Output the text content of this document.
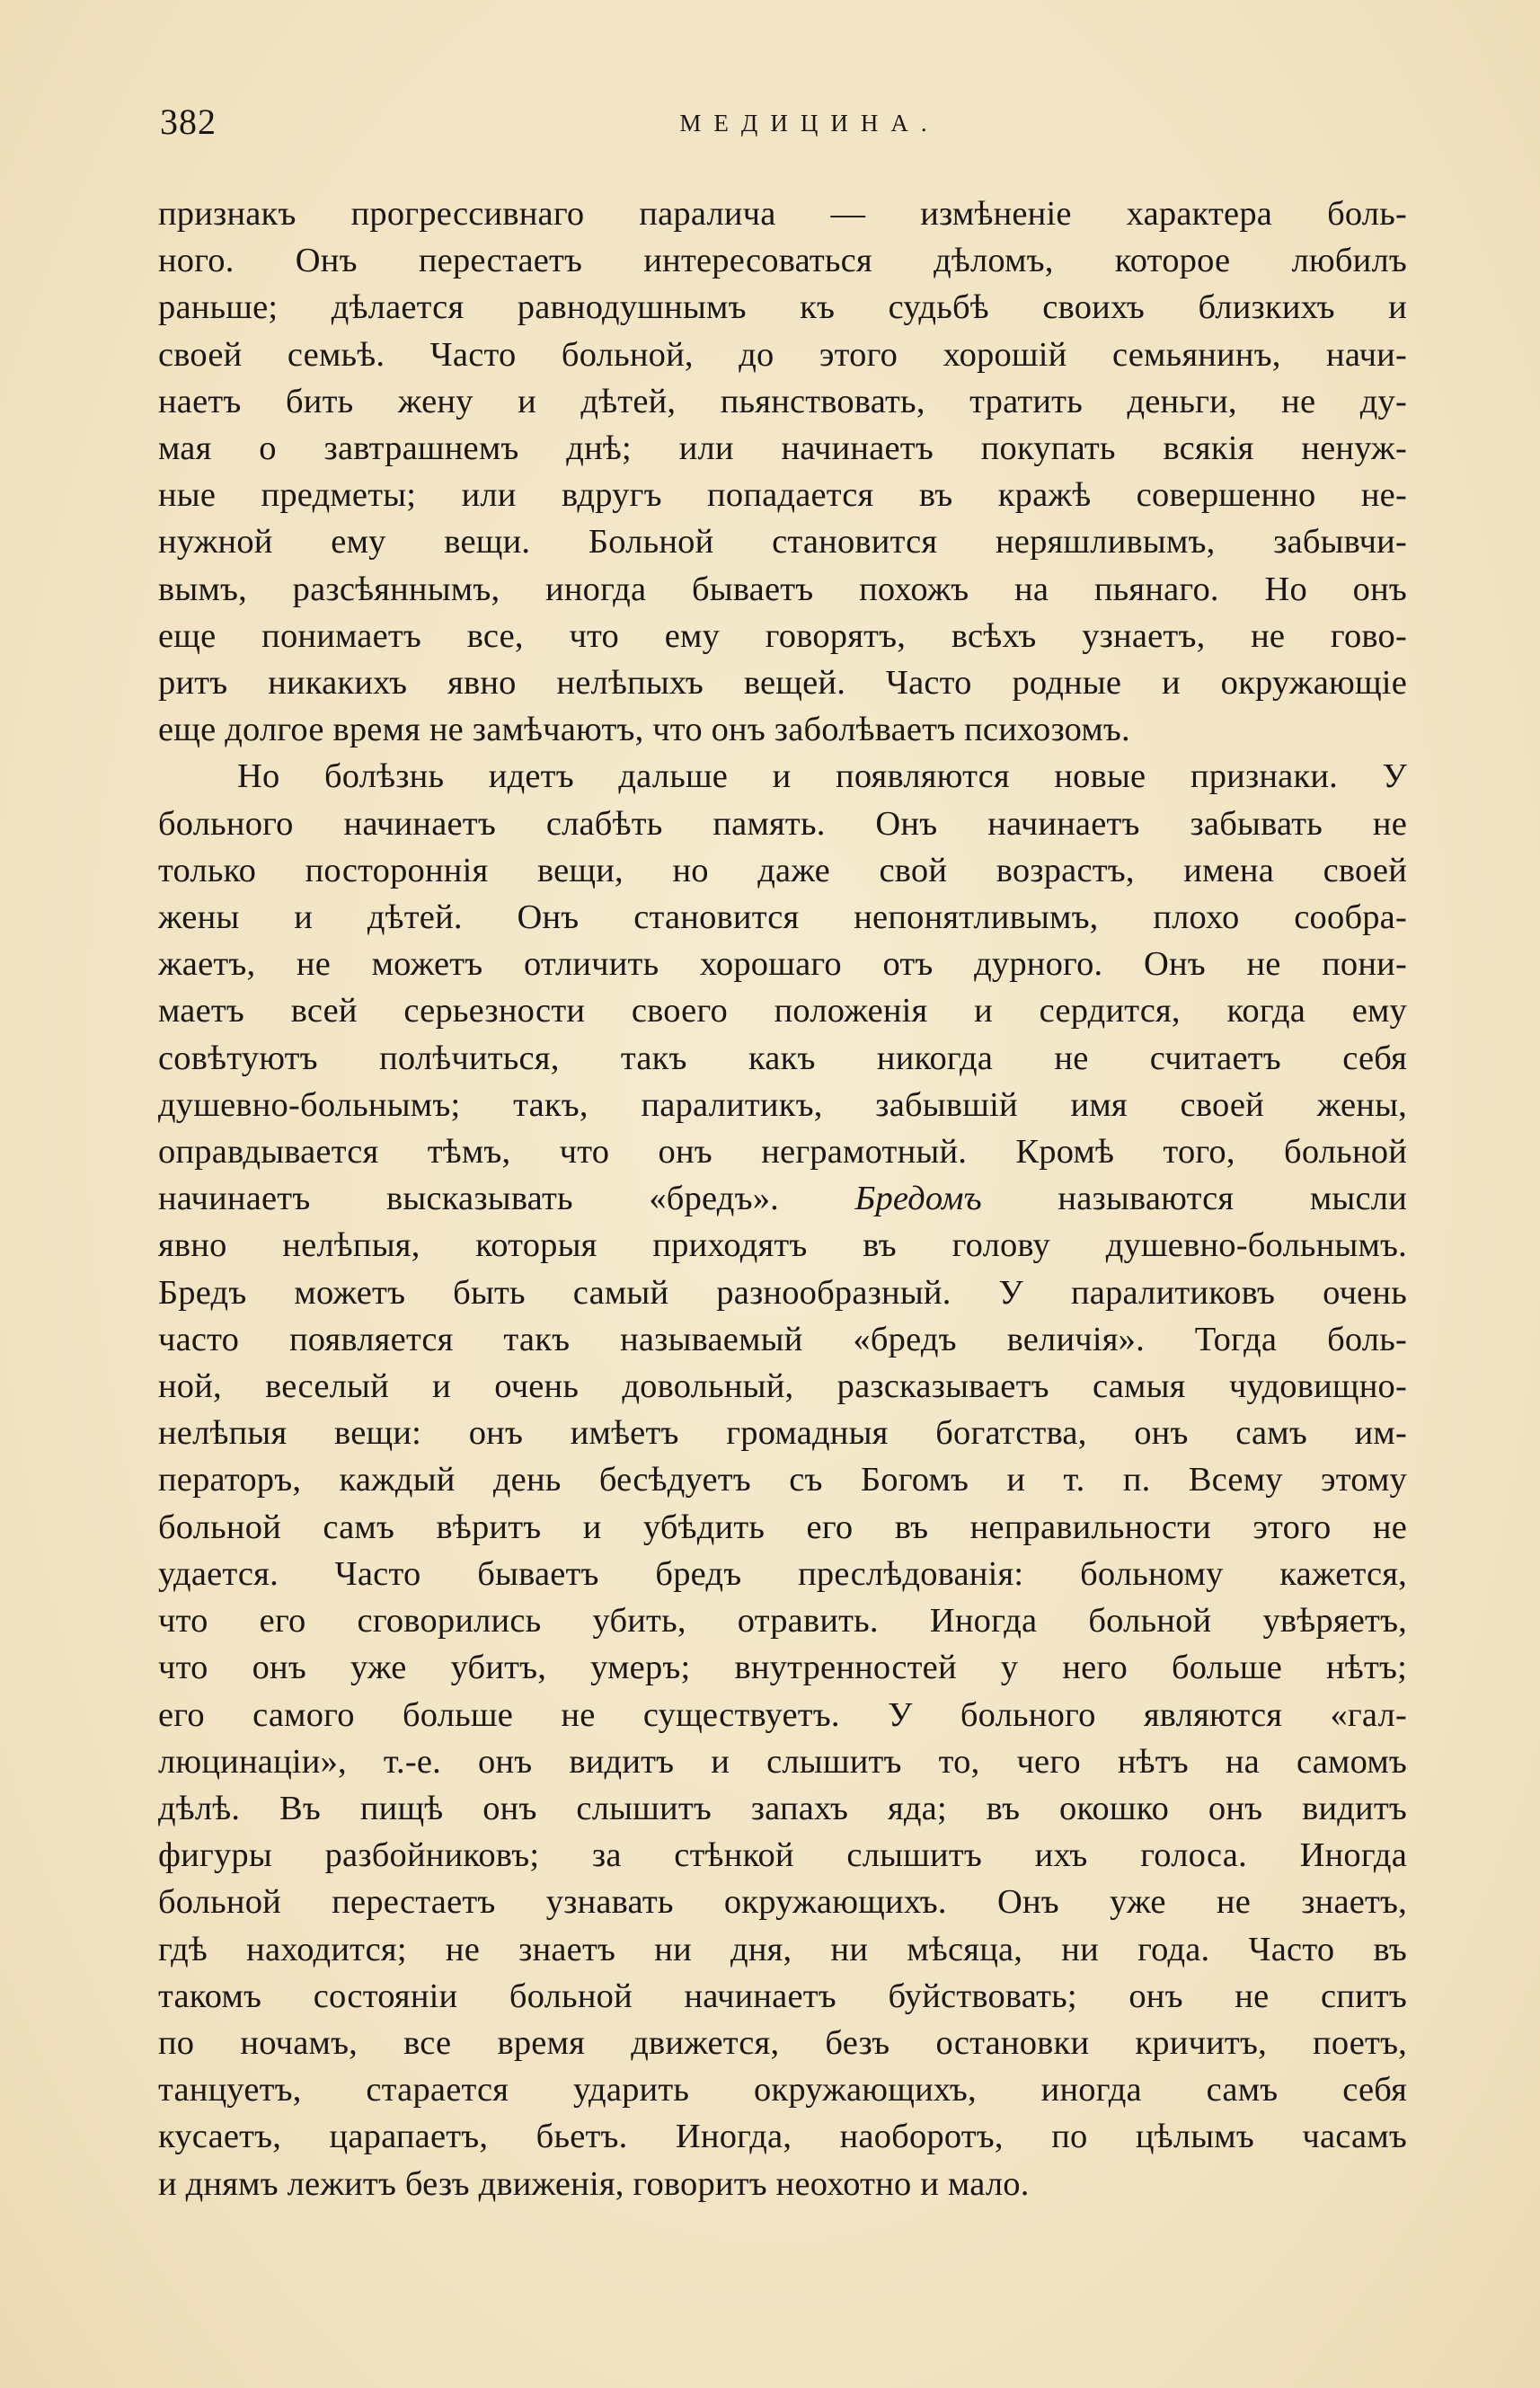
382	МЕДИЦИНА.

признакъ прогрессивнаго паралича — измѣненіе характера боль-
ного. Онъ перестаетъ интересоваться дѣломъ, которое любилъ
раньше; дѣлается равнодушнымъ къ судьбѣ своихъ близкихъ и
своей семьѣ. Часто больной, до этого хорошій семьянинъ, начи-
наетъ бить жену и дѣтей, пьянствовать, тратить деньги, не ду-
мая о завтрашнемъ днѣ; или начинаетъ покупать всякія ненуж-
ные предметы; или вдругъ попадается въ кражѣ совершенно не-
нужной ему вещи. Больной становится неряшливымъ, забывчи-
вымъ, разсѣяннымъ, иногда бываетъ похожъ на пьянаго. Но онъ
еще понимаетъ все, что ему говорятъ, всѣхъ узнаетъ, не гово-
ритъ никакихъ явно нелѣпыхъ вещей. Часто родные и окружающіе
еще долгое время не замѣчаютъ, что онъ заболѣваетъ психозомъ.

Но болѣзнь идетъ дальше и появляются новые признаки. У
больного начинаетъ слабѣть память. Онъ начинаетъ забывать не
только постороннія вещи, но даже свой возрастъ, имена своей
жены и дѣтей. Онъ становится непонятливымъ, плохо сообра-
жаетъ, не можетъ отличить хорошаго отъ дурного. Онъ не пони-
маетъ всей серьезности своего положенія и сердится, когда ему
совѣтуютъ полѣчиться, такъ какъ никогда не считаетъ себя
душевно-больнымъ; такъ, паралитикъ, забывшій имя своей жены,
оправдывается тѣмъ, что онъ неграмотный. Кромѣ того, больной
начинаетъ высказывать «бредъ». Бредомъ называются мысли
явно нелѣпыя, которыя приходятъ въ голову душевно-больнымъ.
Бредъ можетъ быть самый разнообразный. У паралитиковъ очень
часто появляется такъ называемый «бредъ величія». Тогда боль-
ной, веселый и очень довольный, разсказываетъ самыя чудовищно-
нелѣпыя вещи: онъ имѣетъ громадныя богатства, онъ самъ им-
ператоръ, каждый день бесѣдуетъ съ Богомъ и т. п. Всему этому
больной самъ вѣритъ и убѣдить его въ неправильности этого не
удается. Часто бываетъ бредъ преслѣдованія: больному кажется,
что его сговорились убить, отравить. Иногда больной увѣряетъ,
что онъ уже убитъ, умеръ; внутренностей у него больше нѣтъ;
его самого больше не существуетъ. У больного являются «гал-
люцинаціи», т.-е. онъ видитъ и слышитъ то, чего нѣтъ на самомъ
дѣлѣ. Въ пищѣ онъ слышитъ запахъ яда; въ окошко онъ видитъ
фигуры разбойниковъ; за стѣнкой слышитъ ихъ голоса. Иногда
больной перестаетъ узнавать окружающихъ. Онъ уже не знаетъ,
гдѣ находится; не знаетъ ни дня, ни мѣсяца, ни года. Часто въ
такомъ состояніи больной начинаетъ буйствовать; онъ не спитъ
по ночамъ, все время движется, безъ остановки кричитъ, поетъ,
танцуетъ, старается ударить окружающихъ, иногда самъ себя
кусаетъ, царапаетъ, бьетъ. Иногда, наоборотъ, по цѣлымъ часамъ
и днямъ лежитъ безъ движенія, говоритъ неохотно и мало.
